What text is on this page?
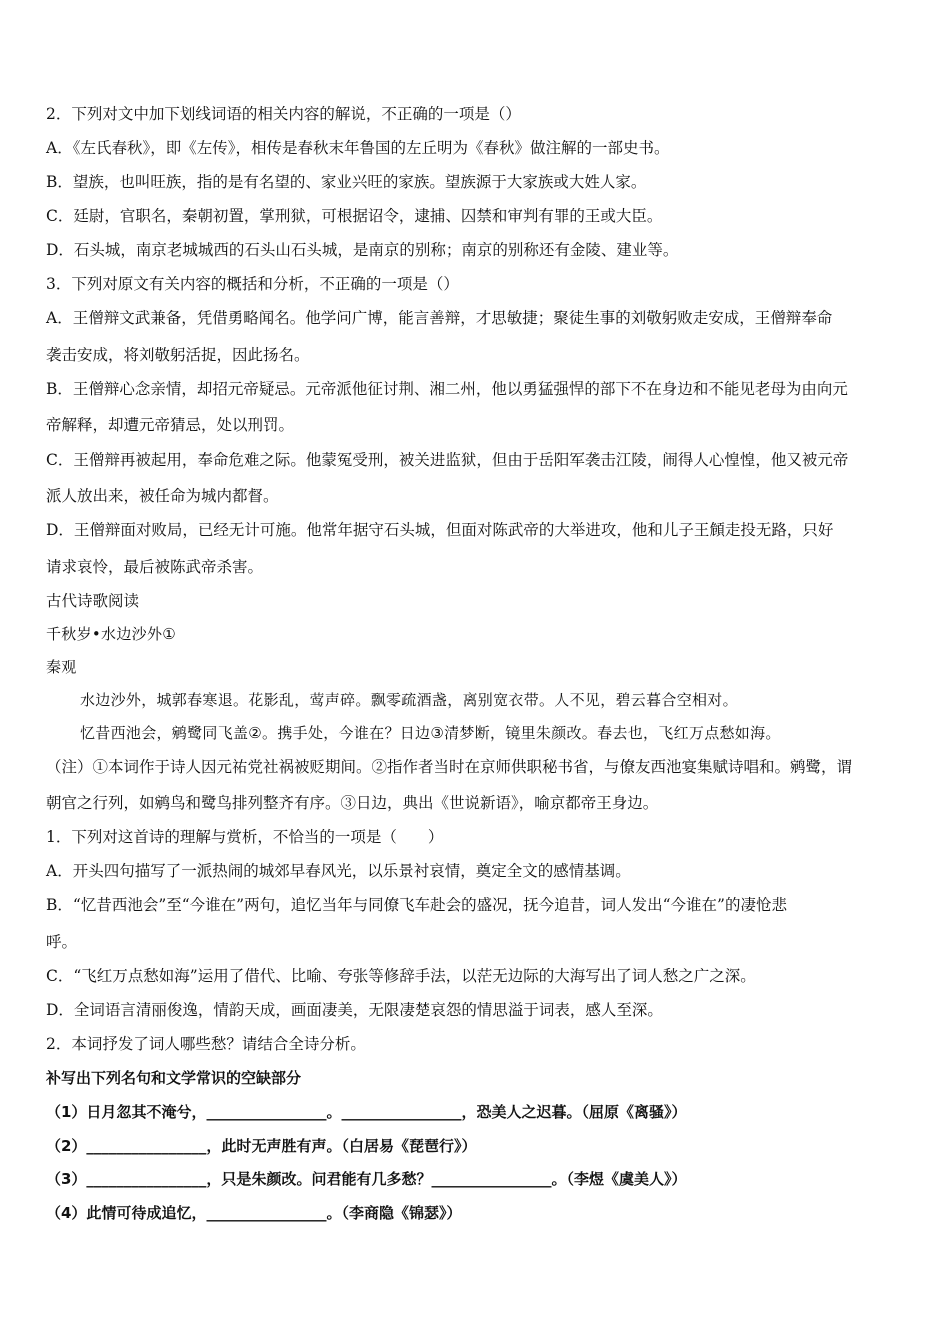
2．下列对文中加下划线词语的相关内容的解说，不正确的一项是（）
A．《左氏春秋》，即《左传》，相传是春秋末年鲁国的左丘明为《春秋》做注解的一部史书。
B．望族，也叫旺族，指的是有名望的、家业兴旺的家族。望族源于大家族或大姓人家。
C．廷尉，官职名，秦朝初置，掌刑狱，可根据诏令，逮捕、囚禁和审判有罪的王或大臣。
D．石头城，南京老城城西的石头山石头城，是南京的别称；南京的别称还有金陵、建业等。
3．下列对原文有关内容的概括和分析，不正确的一项是（）
A．王僧辩文武兼备，凭借勇略闻名。他学问广博，能言善辩，才思敏捷；聚徒生事的刘敬躬败走安成，王僧辩奉命
袭击安成，将刘敬躬活捉，因此扬名。
B．王僧辩心念亲情，却招元帝疑忌。元帝派他征讨荆、湘二州，他以勇猛强悍的部下不在身边和不能见老母为由向元
帝解释，却遭元帝猜忌，处以刑罚。
C．王僧辩再被起用，奉命危难之际。他蒙冤受刑，被关进监狱，但由于岳阳军袭击江陵，闹得人心惶惶，他又被元帝
派人放出来，被任命为城内都督。
D．王僧辩面对败局，已经无计可施。他常年据守石头城，但面对陈武帝的大举进攻，他和儿子王頠走投无路，只好
请求哀怜，最后被陈武帝杀害。
古代诗歌阅读
千秋岁•水边沙外①
秦观
水边沙外，城郭春寒退。花影乱，莺声碎。飘零疏酒盏，离别宽衣带。人不见，碧云暮合空相对。
忆昔西池会，鹓鹭同飞盖②。携手处，今谁在？日边③清梦断，镜里朱颜改。春去也，飞红万点愁如海。
（注）①本词作于诗人因元祐党社祸被贬期间。②指作者当时在京师供职秘书省，与僚友西池宴集赋诗唱和。鹓鹭，谓
朝官之行列，如鹓鸟和鹭鸟排列整齐有序。③日边，典出《世说新语》，喻京都帝王身边。
1．下列对这首诗的理解与赏析，不恰当的一项是（　　）
A．开头四句描写了一派热闹的城郊早春风光，以乐景衬哀情，奠定全文的感情基调。
B．“忆昔西池会”至“今谁在”两句，追忆当年与同僚飞车赴会的盛况，抚今追昔，词人发出“今谁在”的凄怆悲
呼。
C．“飞红万点愁如海”运用了借代、比喻、夸张等修辞手法，以茫无边际的大海写出了词人愁之广之深。
D．全词语言清丽俊逸，情韵天成，画面凄美，无限凄楚哀怨的情思溢于词表，感人至深。
2．本词抒发了词人哪些愁？请结合全诗分析。
补写出下列名句和文学常识的空缺部分
（1）日月忽其不淹兮，________________。________________，恐美人之迟暮。（屈原《离骚》）
（2）________________，此时无声胜有声。（白居易《琵琶行》）
（3）________________，只是朱颜改。问君能有几多愁？________________。（李煜《虞美人》）
（4）此情可待成追忆，________________。（李商隐《锦瑟》）
